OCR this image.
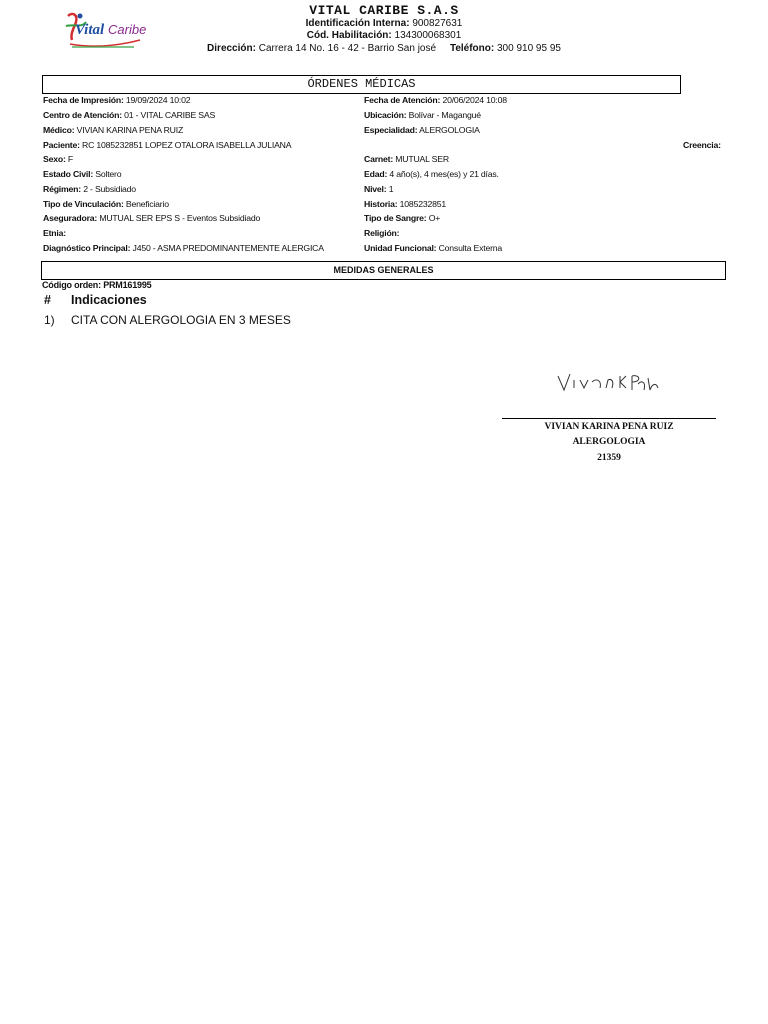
Vital Caribe
VITAL CARIBE S.A.S
Identificación Interna: 900827631
Cód. Habilitación: 134300068301
Dirección: Carrera 14 No. 16 - 42 - Barrio San josé Teléfono: 300 910 95 95
ÓRDENES MÉDICAS
Fecha de Impresión: 19/09/2024 10:02
Centro de Atención: 01 - VITAL CARIBE SAS
Médico: VIVIAN KARINA PENA RUIZ
Paciente: RC 1085232851 LOPEZ OTALORA ISABELLA JULIANA
Sexo: F
Estado Civil: Soltero
Régimen: 2 - Subsidiado
Tipo de Vinculación: Beneficiario
Aseguradora: MUTUAL SER EPS S - Eventos Subsidiado
Etnia:
Diagnóstico Principal: J450 - ASMA PREDOMINANTEMENTE ALERGICA
Fecha de Atención: 20/06/2024 10:08
Ubicación: Bolívar - Magangué
Especialidad: ALERGOLOGIA
Creencia:
Carnet: MUTUAL SER
Edad: 4 año(s), 4 mes(es) y 21 días.
Nivel: 1
Historia: 1085232851
Tipo de Sangre: O+
Religión:
Unidad Funcional: Consulta Externa
MEDIDAS GENERALES
Código orden: PRM161995
# Indicaciones
1) CITA CON ALERGOLOGIA EN 3 MESES
VIVIAN KARINA PENA RUIZ
ALERGOLOGIA
21359
